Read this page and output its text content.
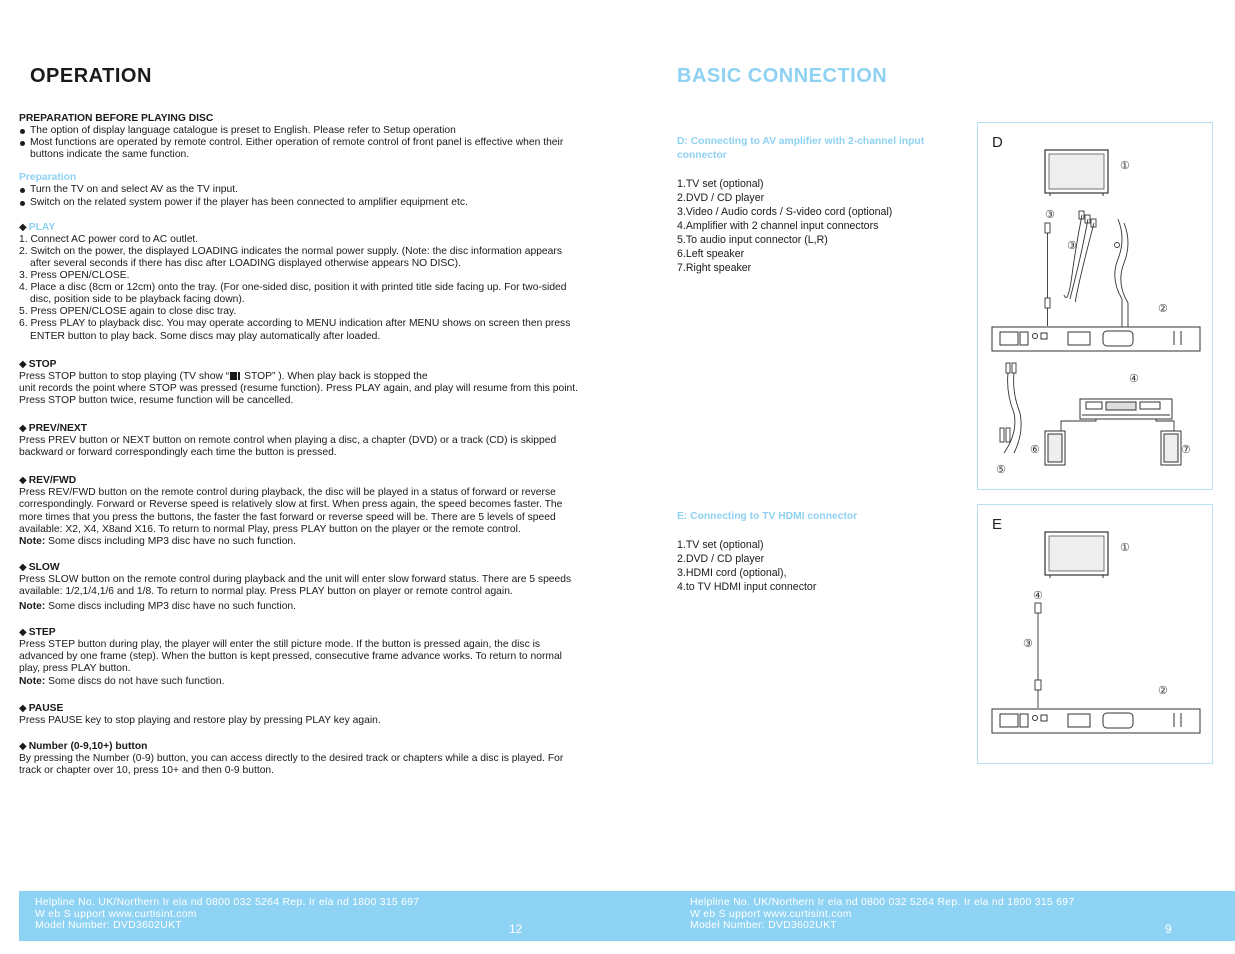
OPERATION

PREPARATION BEFORE PLAYING DISC

The option of display language catalogue is preset to English. Please refer to Setup operation

Most functions are operated by remote control. Either operation of remote control of front panel is effective when their buttons indicate the same function.

Preparation

Turn the TV on and select AV as the TV input.

Switch on the related system power if the player has been connected to amplifier equipment etc.

◆ PLAY

1. Connect AC power cord to AC outlet.

2. Switch on the power, the displayed LOADING indicates the normal power supply. (Note: the disc information appears after several seconds if there has disc after LOADING displayed otherwise appears NO DISC).

3. Press OPEN/CLOSE.

4. Place a disc (8cm or 12cm) onto the tray. (For one-sided disc, position it with printed title side facing up. For two-sided disc, position side to be playback facing down).

5. Press OPEN/CLOSE again to close disc tray.

6. Press PLAY to playback disc. You may operate according to MENU indication after MENU shows on screen then press ENTER button to play back. Some discs may play automatically after loaded.

◆ STOP

Press STOP button to stop playing (TV show “ STOP” ). When play back is stopped the

unit records the point where STOP was pressed (resume function). Press PLAY again, and play will resume from this point. Press STOP button twice, resume function will be cancelled.

◆ PREV/NEXT

Press PREV button or NEXT button on remote control when playing a disc, a chapter (DVD) or a track (CD) is skipped backward or forward correspondingly each time the button is pressed.

◆ REV/FWD

Press REV/FWD button on the remote control during playback, the disc will be played in a status of forward or reverse correspondingly. Forward or Reverse speed is relatively slow at first. When press again, the speed becomes faster. The more times that you press the buttons, the faster the fast forward or reverse speed will be. There are 5 levels of speed available: X2, X4, X8and X16. To return to normal Play, press PLAY button on the player or the remote control.

Note: Some discs including MP3 disc have no such function.

◆ SLOW

Press SLOW button on the remote control during playback and the unit will enter slow forward status. There are 5 speeds available: 1/2,1/4,1/6 and 1/8. To return to normal play. Press PLAY button on player or remote control again.

Note: Some discs including MP3 disc have no such function.

◆ STEP

Press STEP button during play, the player will enter the still picture mode. If the button is pressed again, the disc is advanced by one frame (step). When the button is kept pressed, consecutive frame advance works. To return to normal play, press PLAY button.

Note: Some discs do not have such function.

◆ PAUSE

Press PAUSE key to stop playing and restore play by pressing PLAY key again.

◆ Number (0-9,10+) button

By pressing the Number (0-9) button, you can access directly to the desired track or chapters while a disc is played. For track or chapter over 10, press 10+ and then 0-9 button.

BASIC CONNECTION

D: Connecting to AV amplifier with 2-channel input connector

1.TV set (optional)

2.DVD / CD player

3.Video / Audio cords / S-video cord (optional)

4.Amplifier with 2 channel input connectors

5.To audio input connector (L,R)

6.Left speaker

7.Right speaker

E: Connecting to TV HDMI connector

1.TV set (optional)

2.DVD / CD player

3.HDMI cord (optional),

4.to TV HDMI input connector

D
①
③
③
②
④
⑥	⑦
⑤
E
①
④
③
②
Helpline No. UK/Northern Ir ela nd 0800 032 5264 Rep. Ir ela nd 1800 315 697
W eb S upport www.curtisint.com
Model Number: DVD3602UKT	12
Helpline No. UK/Northern Ir ela nd 0800 032 5264 Rep. Ir ela nd 1800 315 697
W eb S upport www.curtisint.com
Model Number: DVD3602UKT	9
